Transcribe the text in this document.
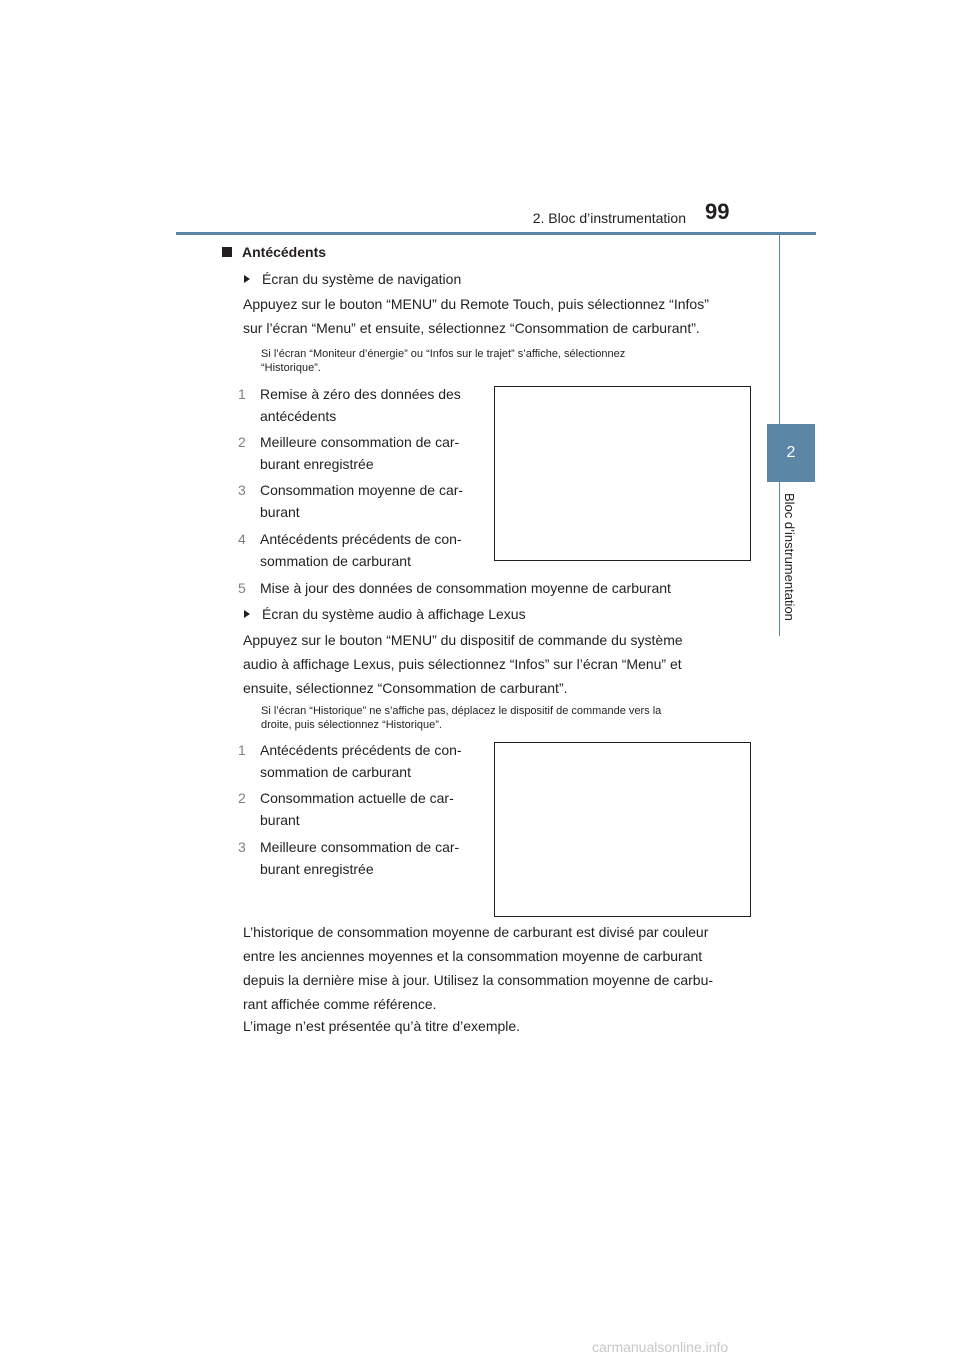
2. Bloc d’instrumentation 99
2
Bloc d’instrumentation
Antécédents
Écran du système de navigation
Appuyez sur le bouton “MENU” du Remote Touch, puis sélectionnez “Infos”
sur l’écran “Menu” et ensuite, sélectionnez “Consommation de carburant”.
Si l’écran “Moniteur d’énergie” ou “Infos sur le trajet” s’affiche, sélectionnez
“Historique”.
1	Remise à zéro des données des
antécédents
2	Meilleure consommation de car-
burant enregistrée
3	Consommation moyenne de car-
burant
4	Antécédents précédents de con-
sommation de carburant
5	Mise à jour des données de consommation moyenne de carburant
Écran du système audio à affichage Lexus
Appuyez sur le bouton “MENU” du dispositif de commande du système
audio à affichage Lexus, puis sélectionnez “Infos” sur l’écran “Menu” et
ensuite, sélectionnez “Consommation de carburant”.
Si l’écran “Historique” ne s’affiche pas, déplacez le dispositif de commande vers la
droite, puis sélectionnez “Historique”.
1	Antécédents précédents de con-
sommation de carburant
2	Consommation actuelle de car-
burant
3	Meilleure consommation de car-
burant enregistrée
L’historique de consommation moyenne de carburant est divisé par couleur
entre les anciennes moyennes et la consommation moyenne de carburant
depuis la dernière mise à jour. Utilisez la consommation moyenne de carbu-
rant affichée comme référence.
L’image n’est présentée qu’à titre d’exemple.
carmanualsonline.info
